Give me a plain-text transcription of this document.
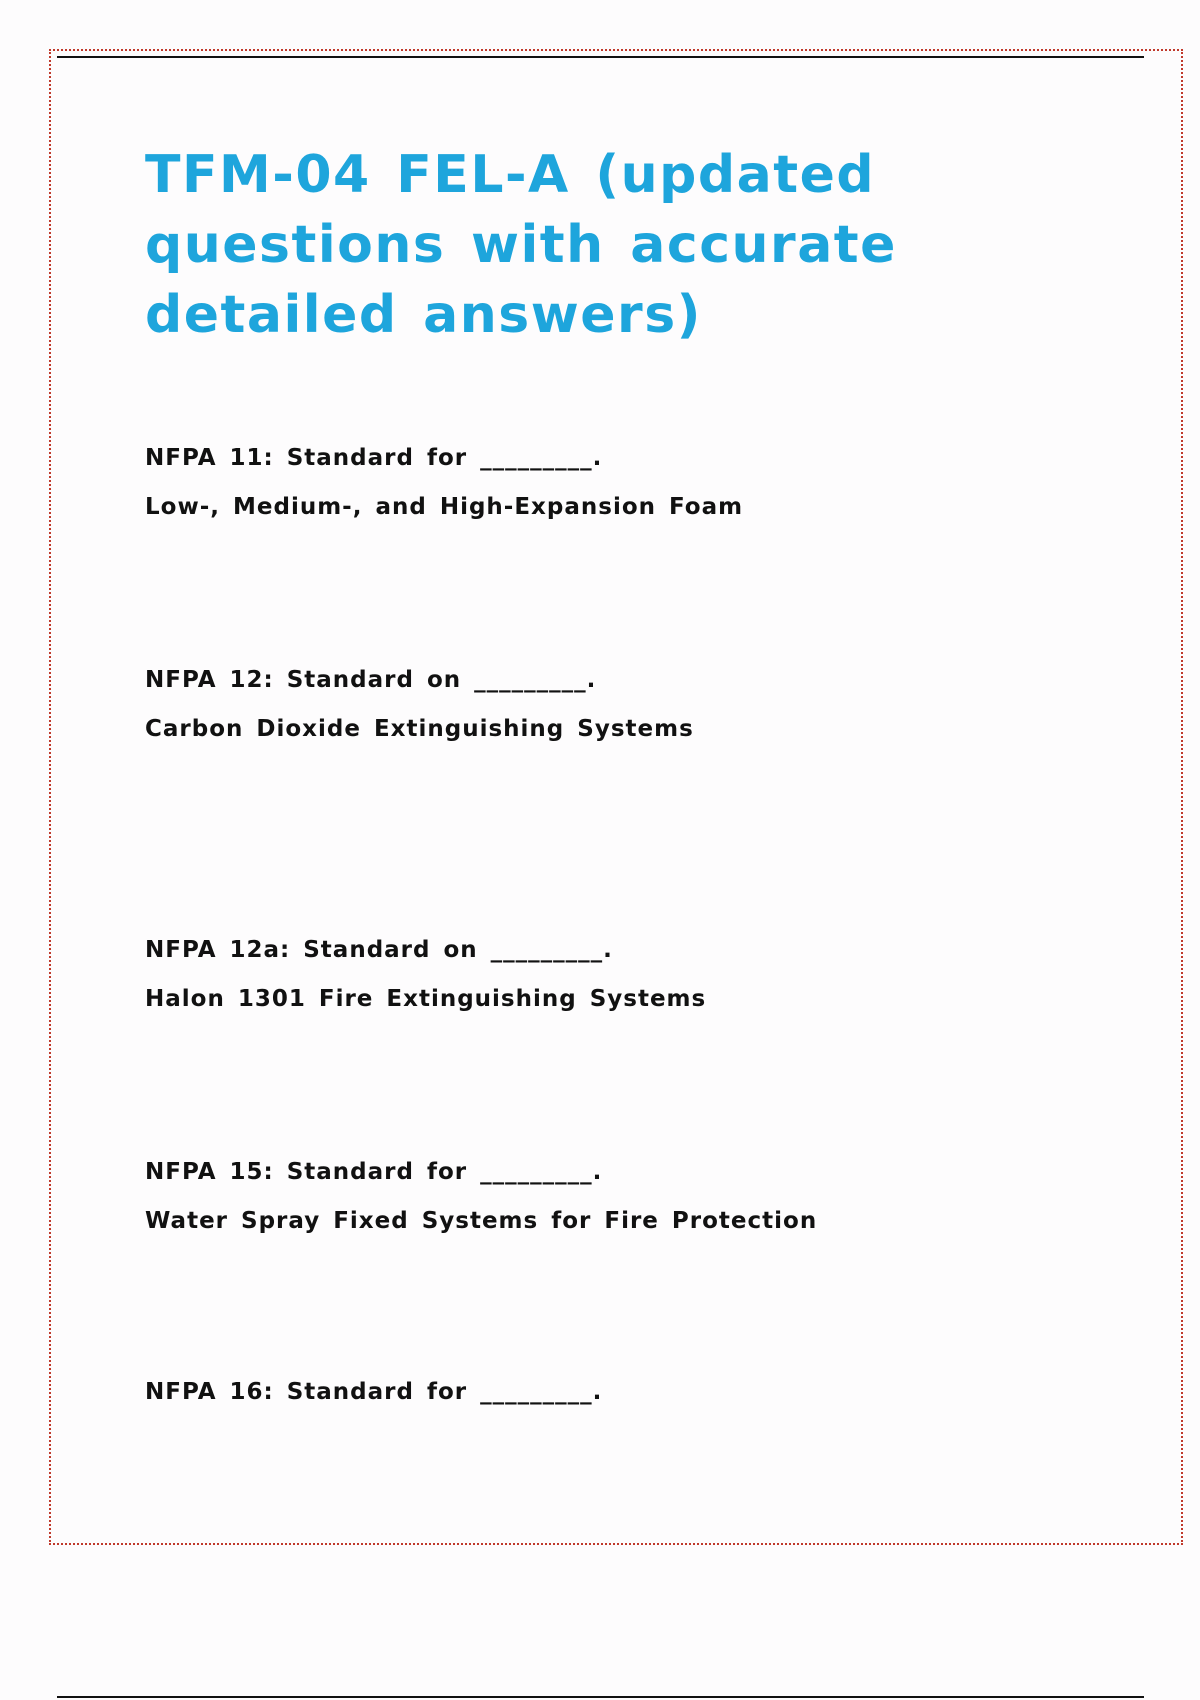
TFM-04 FEL-A (updated questions with accurate detailed answers)
NFPA 11: Standard for _________.
Low-, Medium-, and High-Expansion Foam
NFPA 12: Standard on _________.
Carbon Dioxide Extinguishing Systems
NFPA 12a: Standard on _________.
Halon 1301 Fire Extinguishing Systems
NFPA 15: Standard for _________.
Water Spray Fixed Systems for Fire Protection
NFPA 16: Standard for _________.
